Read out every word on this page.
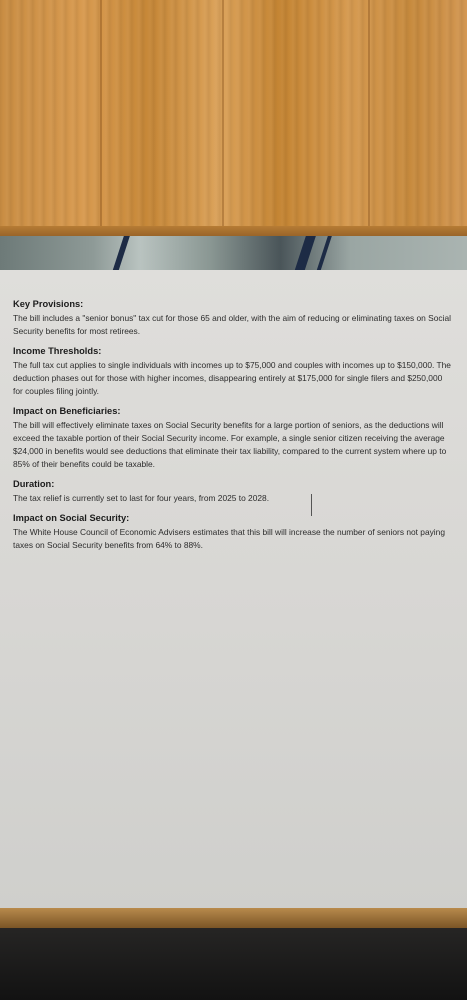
Key Provisions:
The bill includes a "senior bonus" tax cut for those 65 and older, with the aim of reducing or eliminating taxes on Social Security benefits for most retirees.
Income Thresholds:
The full tax cut applies to single individuals with incomes up to $75,000 and couples with incomes up to $150,000. The deduction phases out for those with higher incomes, disappearing entirely at $175,000 for single filers and $250,000 for couples filing jointly.
Impact on Beneficiaries:
The bill will effectively eliminate taxes on Social Security benefits for a large portion of seniors, as the deductions will exceed the taxable portion of their Social Security income. For example, a single senior citizen receiving the average $24,000 in benefits would see deductions that eliminate their tax liability, compared to the current system where up to 85% of their benefits could be taxable.
Duration:
The tax relief is currently set to last for four years, from 2025 to 2028.
Impact on Social Security:
The White House Council of Economic Advisers estimates that this bill will increase the number of seniors not paying taxes on Social Security benefits from 64% to 88%.
